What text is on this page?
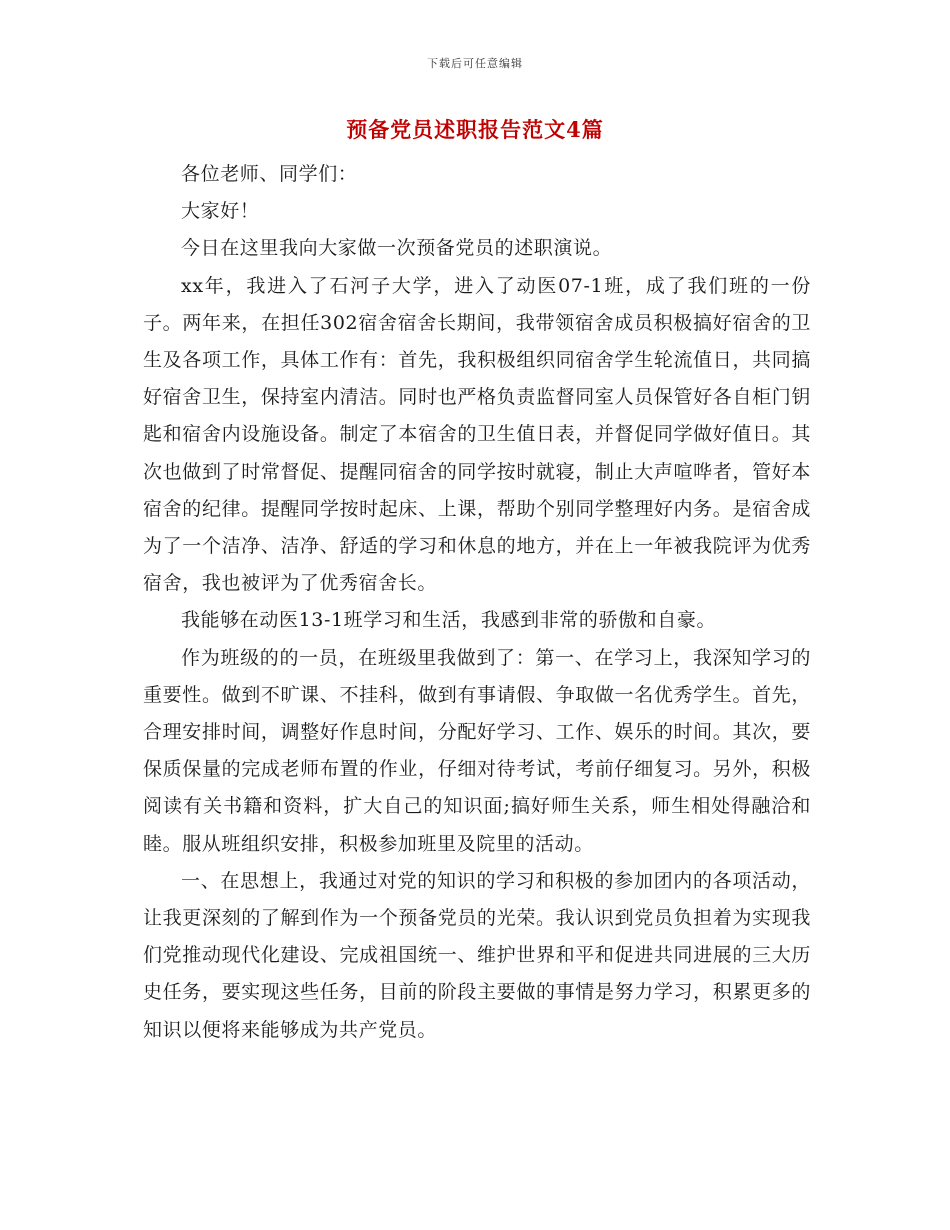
下载后可任意编辑
预备党员述职报告范文4篇

各位老师、同学们：

大家好！

今日在这里我向大家做一次预备党员的述职演说。

xx年，我进入了石河子大学，进入了动医07-1班，成了我们班的一份子。两年来，在担任302宿舍宿舍长期间，我带领宿舍成员积极搞好宿舍的卫生及各项工作，具体工作有：首先，我积极组织同宿舍学生轮流值日，共同搞好宿舍卫生，保持室内清洁。同时也严格负责监督同室人员保管好各自柜门钥匙和宿舍内设施设备。制定了本宿舍的卫生值日表，并督促同学做好值日。其次也做到了时常督促、提醒同宿舍的同学按时就寝，制止大声喧哗者，管好本宿舍的纪律。提醒同学按时起床、上课，帮助个别同学整理好内务。是宿舍成为了一个洁净、洁净、舒适的学习和休息的地方，并在上一年被我院评为优秀宿舍，我也被评为了优秀宿舍长。

我能够在动医13-1班学习和生活，我感到非常的骄傲和自豪。

作为班级的的一员，在班级里我做到了：第一、在学习上，我深知学习的重要性。做到不旷课、不挂科，做到有事请假、争取做一名优秀学生。首先，合理安排时间，调整好作息时间，分配好学习、工作、娱乐的时间。其次，要保质保量的完成老师布置的作业，仔细对待考试，考前仔细复习。另外，积极阅读有关书籍和资料，扩大自己的知识面;搞好师生关系，师生相处得融洽和睦。服从班组织安排，积极参加班里及院里的活动。

一、在思想上，我通过对党的知识的学习和积极的参加团内的各项活动，让我更深刻的了解到作为一个预备党员的光荣。我认识到党员负担着为实现我们党推动现代化建设、完成祖国统一、维护世界和平和促进共同进展的三大历史任务，要实现这些任务，目前的阶段主要做的事情是努力学习，积累更多的知识以便将来能够成为共产党员。
